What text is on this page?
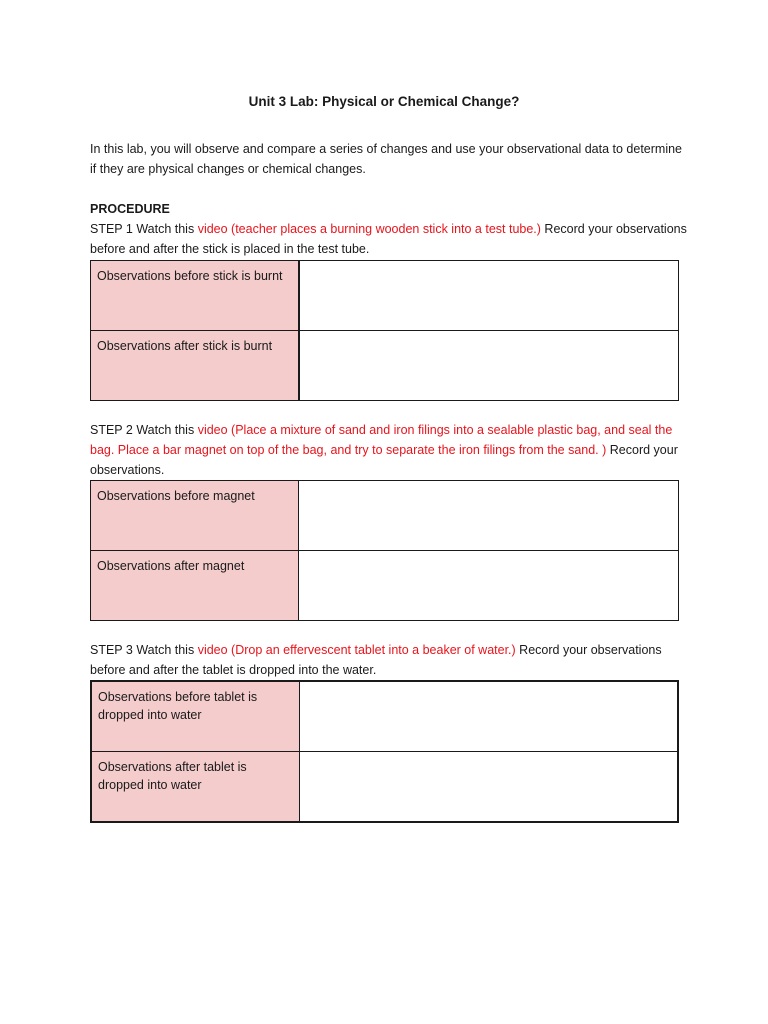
Unit 3 Lab: Physical or Chemical Change?
In this lab, you will observe and compare a series of changes and use your observational data to determine if they are physical changes or chemical changes.
PROCEDURE
STEP 1 Watch this video (teacher places a burning wooden stick into a test tube.) Record your observations before and after the stick is placed in the test tube.
Observations before stick is burnt	
Observations after stick is burnt	
STEP 2 Watch this video (Place a mixture of sand and iron filings into a sealable plastic bag, and seal the bag. Place a bar magnet on top of the bag, and try to separate the iron filings from the sand. ) Record your observations.
Observations before magnet	
Observations after magnet	
STEP 3 Watch this video (Drop an effervescent tablet into a beaker of water.) Record your observations before and after the tablet is dropped into the water.
Observations before tablet is dropped into water	
Observations after tablet is dropped into water	
